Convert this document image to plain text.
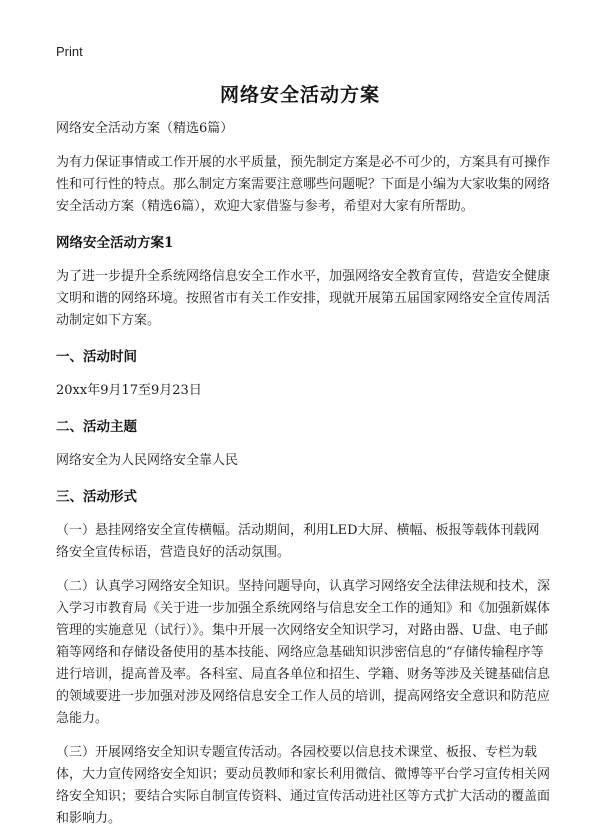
Print
网络安全活动方案

网络安全活动方案（精选6篇）

为有力保证事情或工作开展的水平质量，预先制定方案是必不可少的，方案具有可操作性和可行性的特点。那么制定方案需要注意哪些问题呢？下面是小编为大家收集的网络安全活动方案（精选6篇），欢迎大家借鉴与参考，希望对大家有所帮助。

网络安全活动方案1

为了进一步提升全系统网络信息安全工作水平，加强网络安全教育宣传，营造安全健康文明和谐的网络环境。按照省市有关工作安排，现就开展第五届国家网络安全宣传周活动制定如下方案。

一、活动时间

20xx年9月17至9月23日

二、活动主题

网络安全为人民网络安全靠人民

三、活动形式

（一）悬挂网络安全宣传横幅。活动期间，利用LED大屏、横幅、板报等载体刊载网络安全宣传标语，营造良好的活动氛围。

（二）认真学习网络安全知识。坚持问题导向，认真学习网络安全法律法规和技术，深入学习市教育局《关于进一步加强全系统网络与信息安全工作的通知》和《加强新媒体管理的实施意见（试行）》。集中开展一次网络安全知识学习，对路由器、U盘、电子邮箱等网络和存储设备使用的基本技能、网络应急基础知识涉密信息的“存储传输程序等进行培训，提高普及率。各科室、局直各单位和招生、学籍、财务等涉及关键基础信息的领域要进一步加强对涉及网络信息安全工作人员的培训，提高网络安全意识和防范应急能力。

（三）开展网络安全知识专题宣传活动。各园校要以信息技术课堂、板报、专栏为载体，大力宣传网络安全知识；要动员教师和家长利用微信、微博等平台学习宣传相关网络安全知识；要结合实际自制宣传资料、通过宣传活动进社区等方式扩大活动的覆盖面和影响力。
